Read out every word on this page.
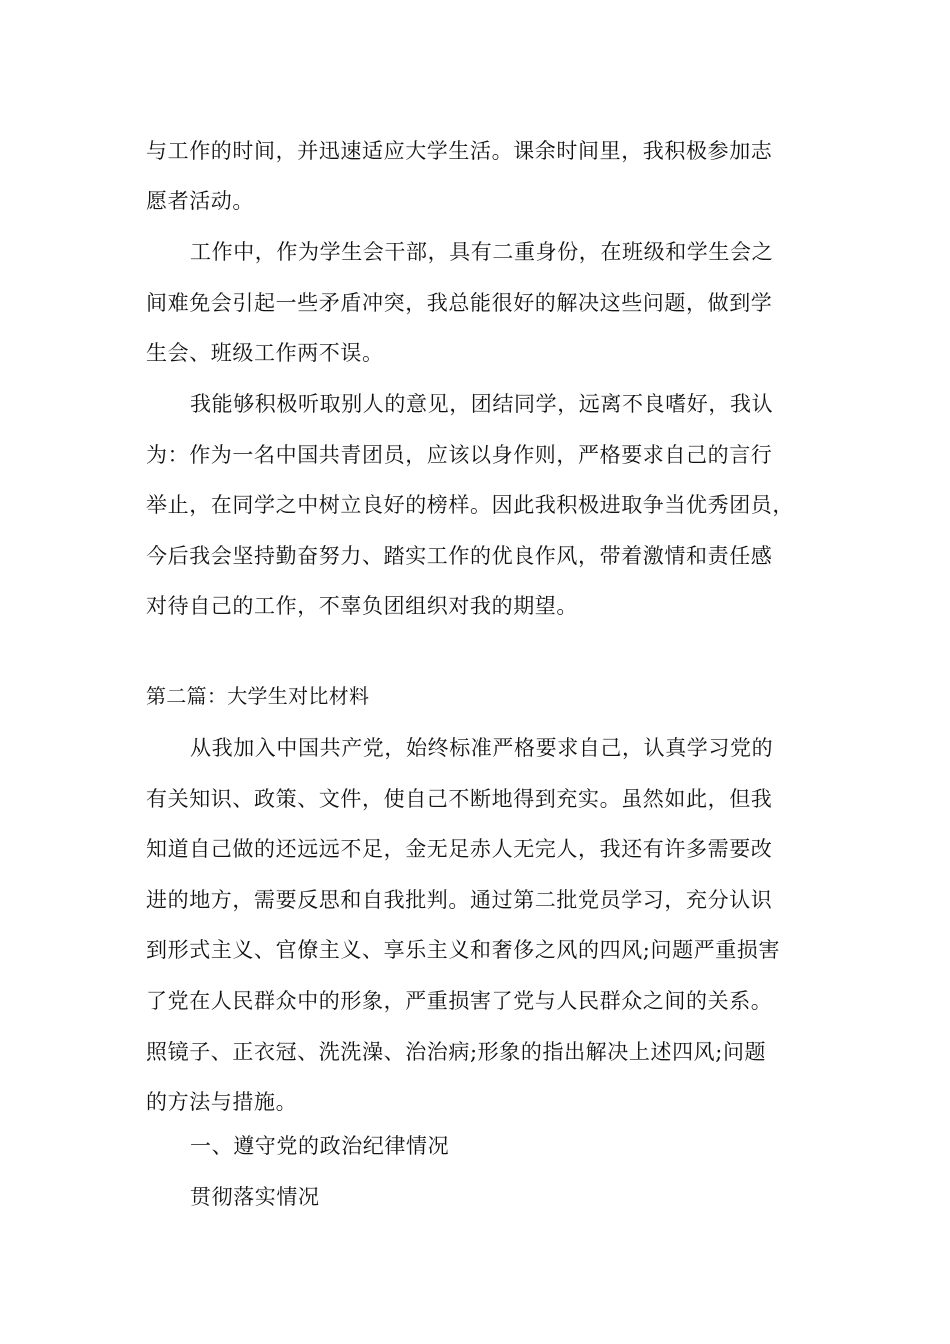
与工作的时间，并迅速适应大学生活。课余时间里，我积极参加志
愿者活动。
工作中，作为学生会干部，具有二重身份，在班级和学生会之
间难免会引起一些矛盾冲突，我总能很好的解决这些问题，做到学
生会、班级工作两不误。
我能够积极听取别人的意见，团结同学，远离不良嗜好，我认
为：作为一名中国共青团员，应该以身作则，严格要求自己的言行
举止，在同学之中树立良好的榜样。因此我积极进取争当优秀团员，
今后我会坚持勤奋努力、踏实工作的优良作风，带着激情和责任感
对待自己的工作，不辜负团组织对我的期望。
第二篇：大学生对比材料
从我加入中国共产党，始终标准严格要求自己，认真学习党的
有关知识、政策、文件，使自己不断地得到充实。虽然如此，但我
知道自己做的还远远不足，金无足赤人无完人，我还有许多需要改
进的地方，需要反思和自我批判。通过第二批党员学习，充分认识
到形式主义、官僚主义、享乐主义和奢侈之风的四风;问题严重损害
了党在人民群众中的形象，严重损害了党与人民群众之间的关系。
照镜子、正衣冠、洗洗澡、治治病;形象的指出解决上述四风;问题
的方法与措施。
一、遵守党的政治纪律情况
贯彻落实情况
